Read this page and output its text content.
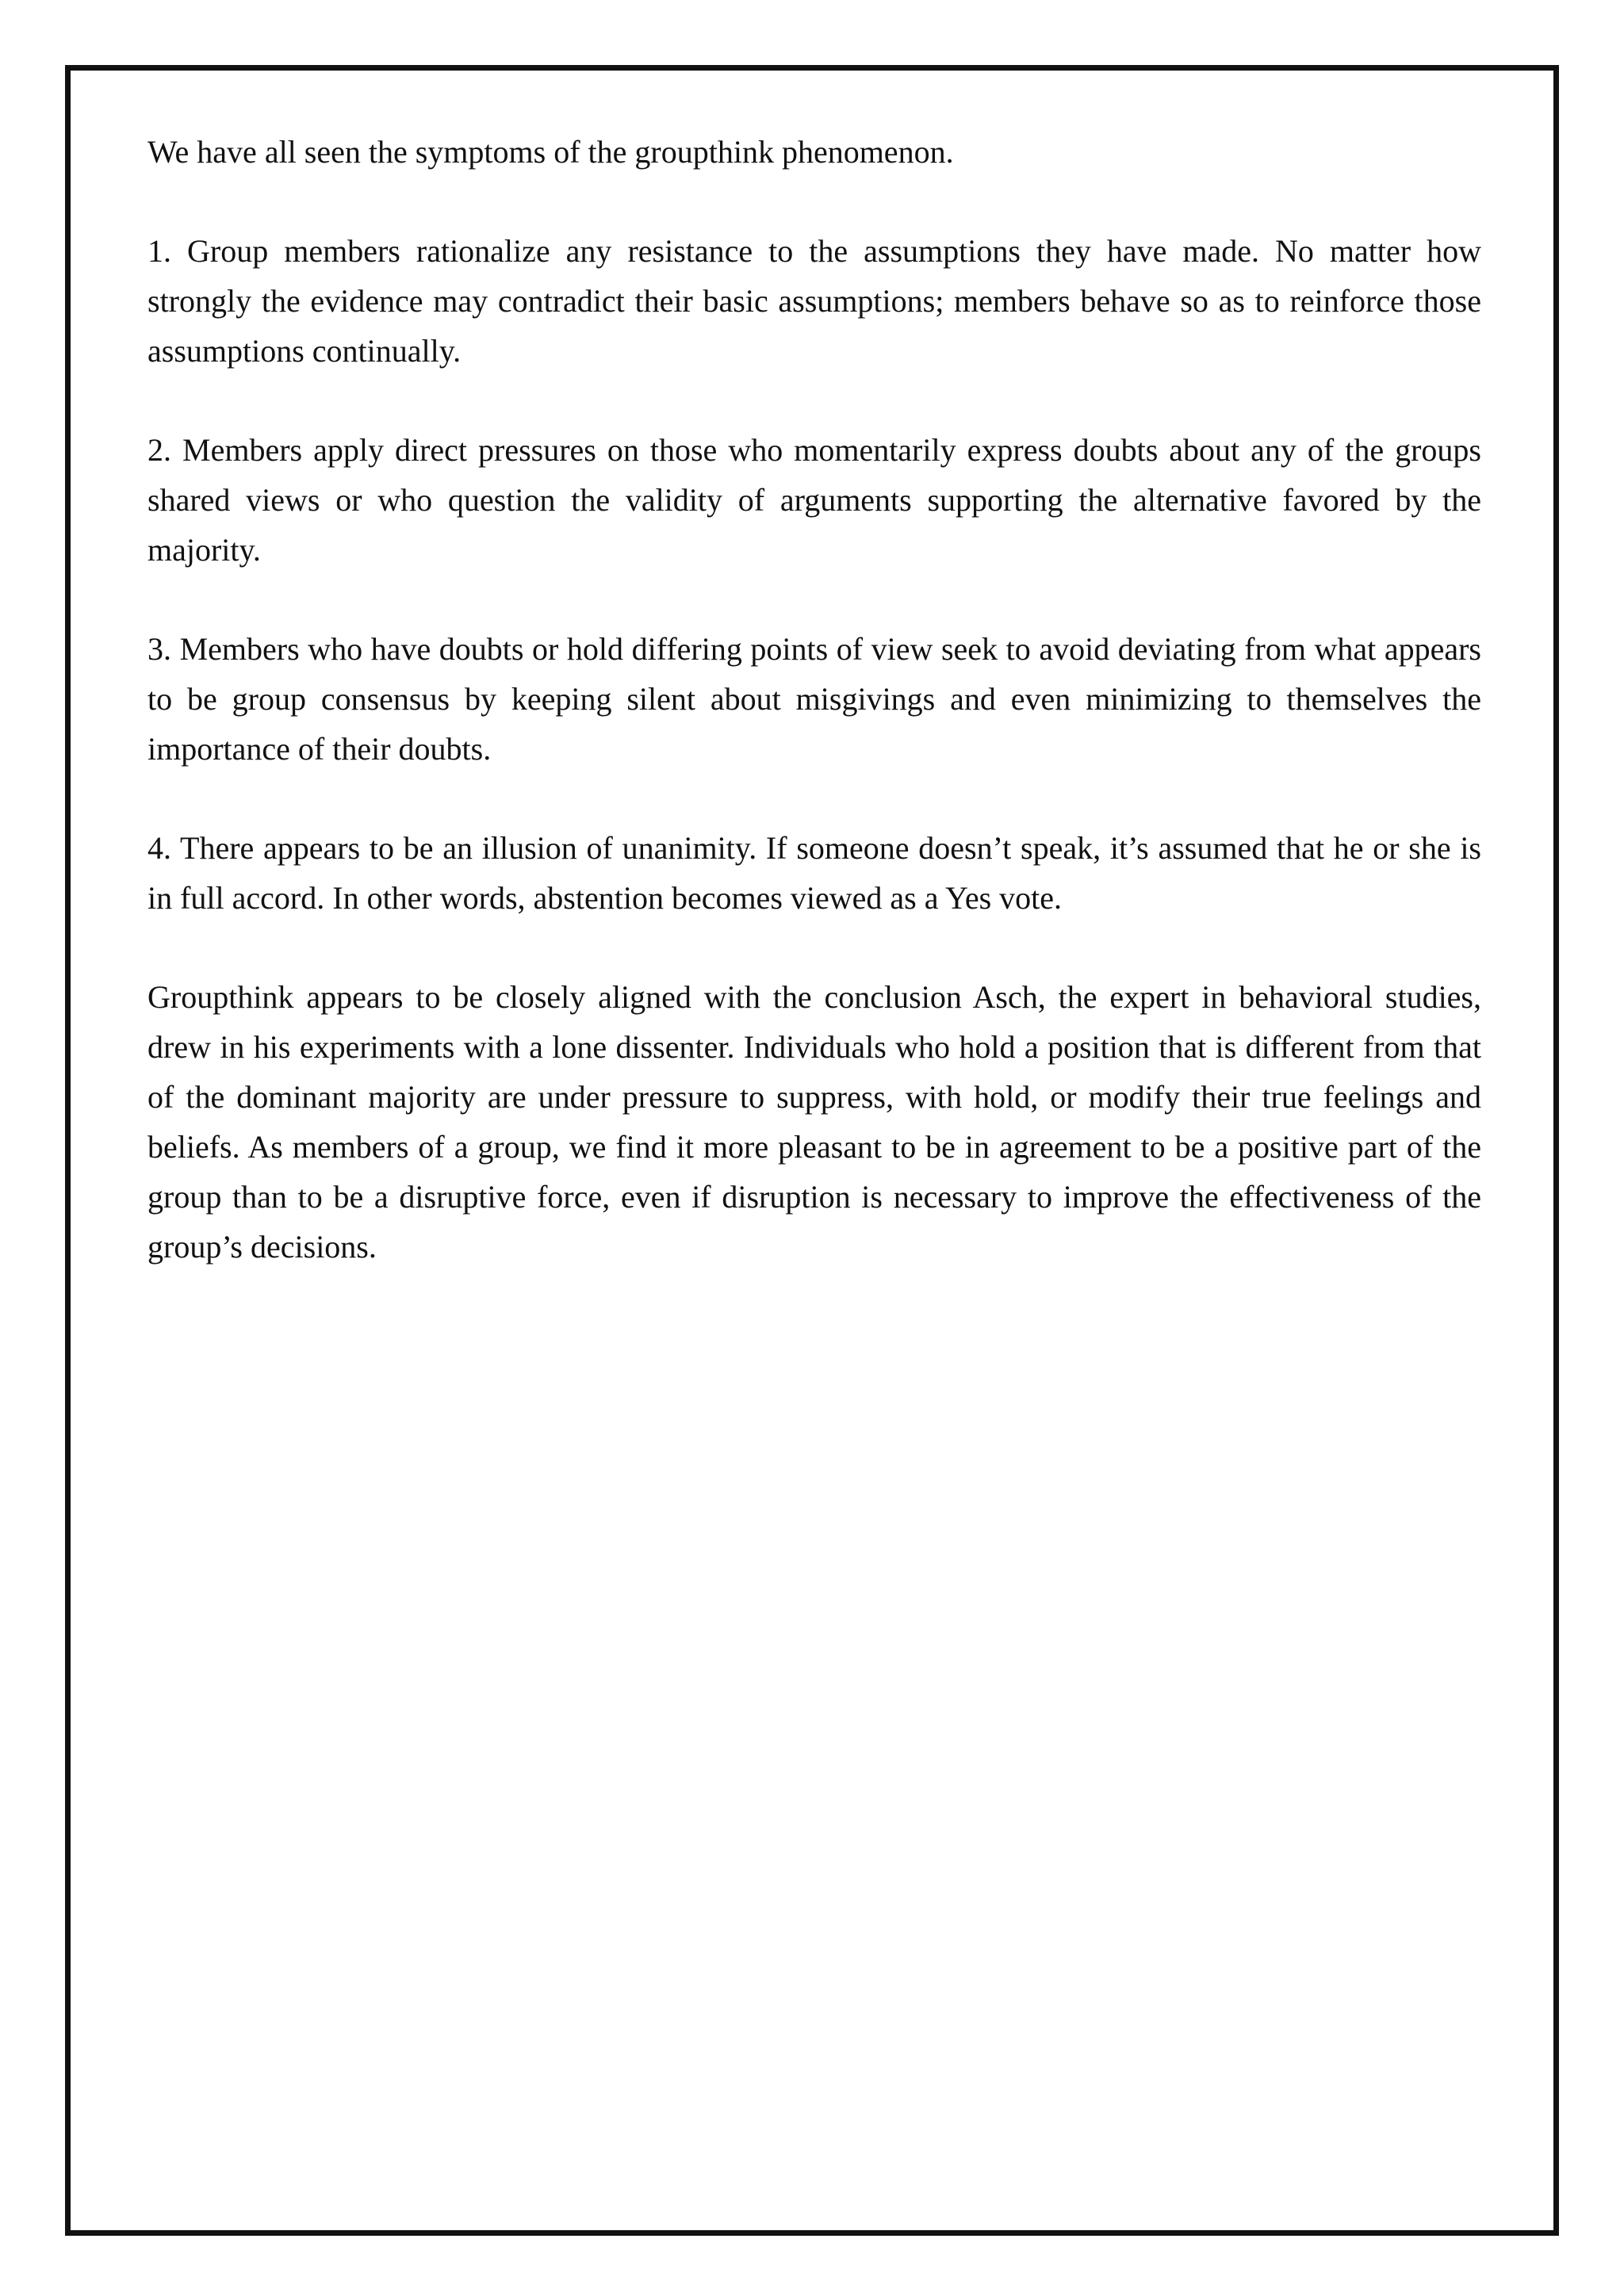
We have all seen the symptoms of the groupthink phenomenon.

1. Group members rationalize any resistance to the assumptions they have made. No matter how strongly the evidence may contradict their basic assumptions; members behave so as to reinforce those assumptions continually.

2. Members apply direct pressures on those who momentarily express doubts about any of the groups shared views or who question the validity of arguments supporting the alternative favored by the majority.

3. Members who have doubts or hold differing points of view seek to avoid deviating from what appears to be group consensus by keeping silent about misgivings and even minimizing to themselves the importance of their doubts.

4. There appears to be an illusion of unanimity. If someone doesn’t speak, it’s assumed that he or she is in full accord. In other words, abstention becomes viewed as a Yes vote.

Groupthink appears to be closely aligned with the conclusion Asch, the expert in behavioral studies, drew in his experiments with a lone dissenter. Individuals who hold a position that is different from that of the dominant majority are under pressure to suppress, with hold, or modify their true feelings and beliefs. As members of a group, we find it more pleasant to be in agreement to be a positive part of the group than to be a disruptive force, even if disruption is necessary to improve the effectiveness of the group’s decisions.
